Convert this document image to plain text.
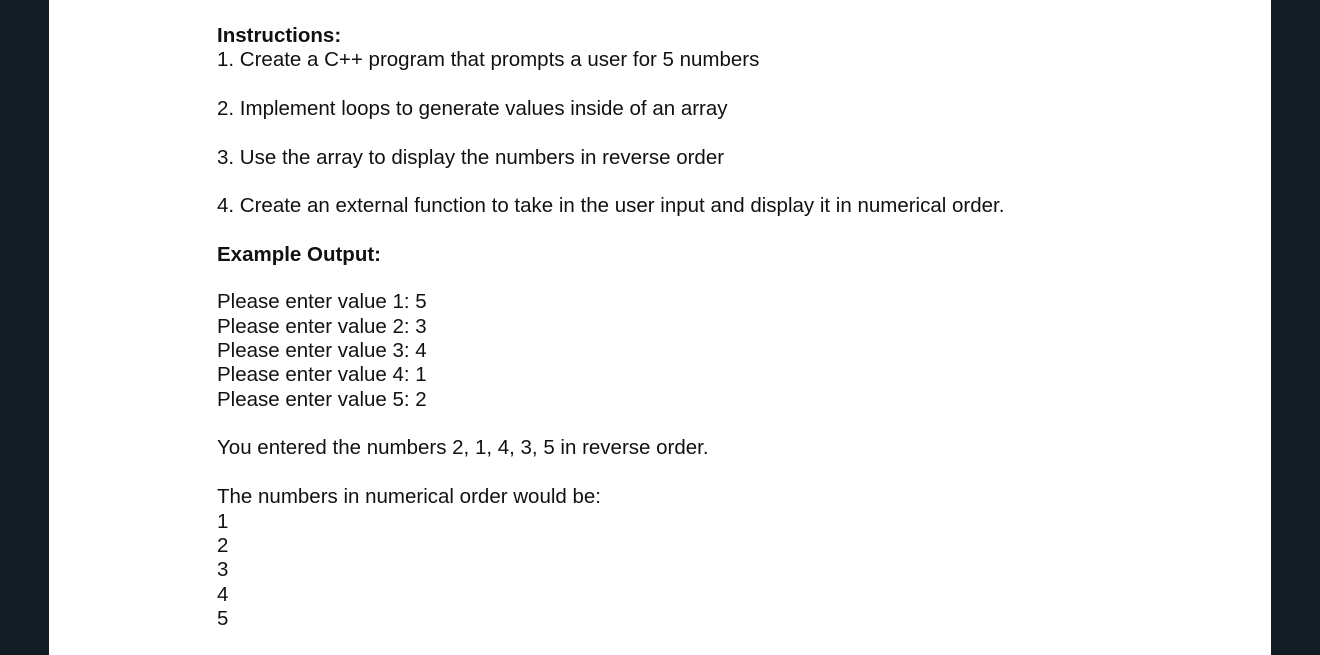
Instructions:
1. Create a C++ program that prompts a user for 5 numbers
2. Implement loops to generate values inside of an array
3. Use the array to display the numbers in reverse order
4. Create an external function to take in the user input and display it in numerical order.
Example Output:
Please enter value 1: 5
Please enter value 2: 3
Please enter value 3: 4
Please enter value 4: 1
Please enter value 5: 2
You entered the numbers 2, 1, 4, 3, 5 in reverse order.
The numbers in numerical order would be:
1
2
3
4
5
